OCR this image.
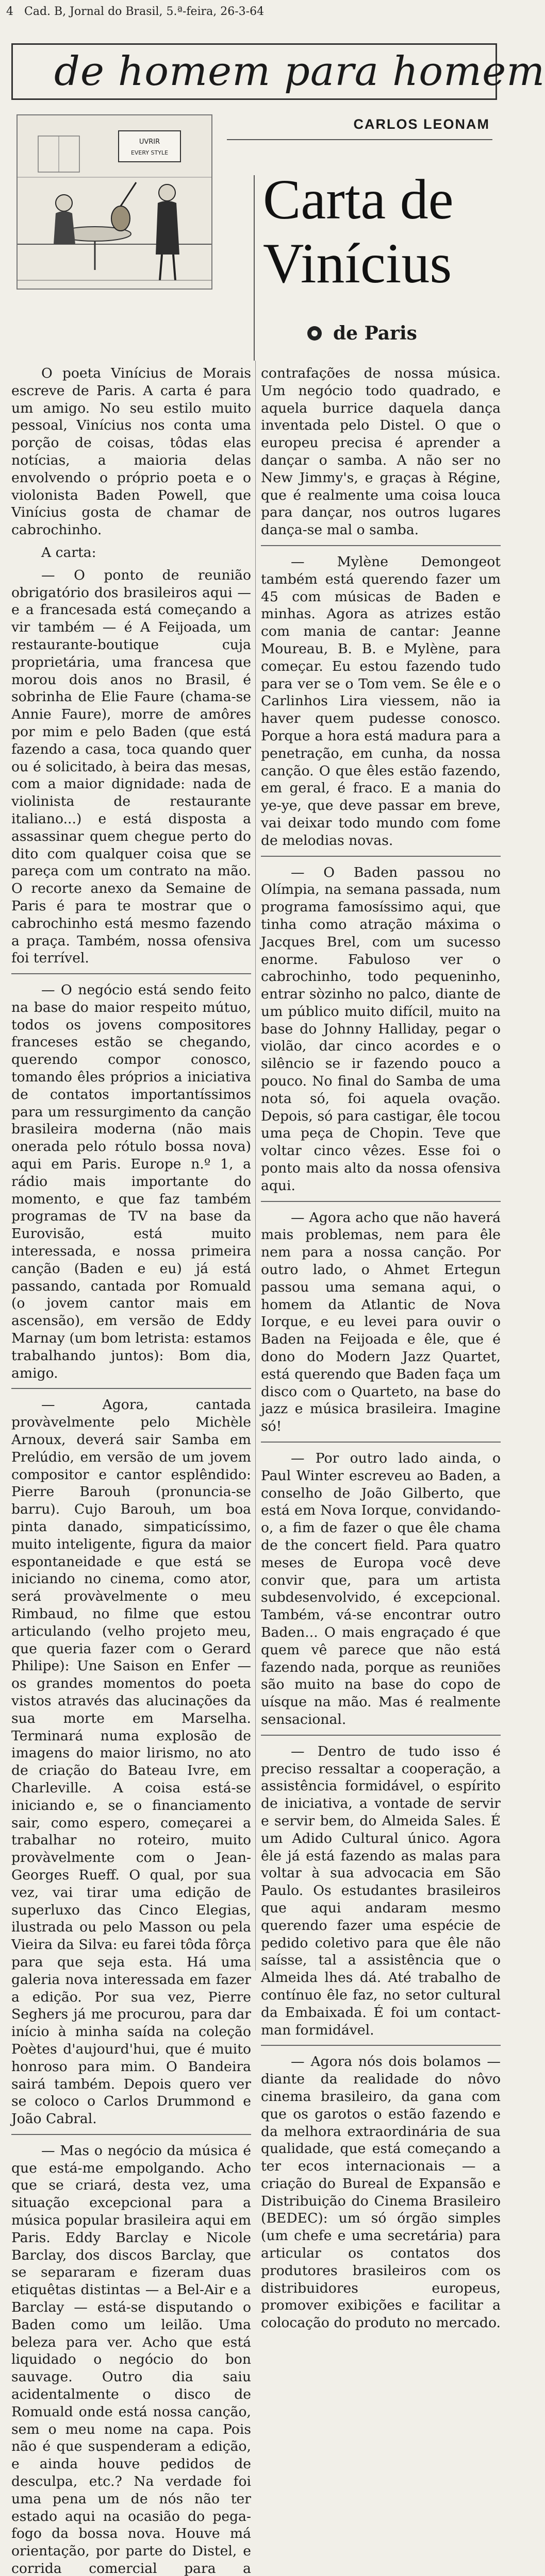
4 Cad. B, Jornal do Brasil, 5.ª-feira, 26-3-64
de homem para homem
UVRIR
EVERY STYLE
CARLOS LEONAM
Carta de
Vinícius
de Paris

O poeta Vinícius de Morais escreve de Paris. A carta é para um amigo. No seu estilo muito pessoal, Vinícius nos conta uma porção de coisas, tôdas elas notícias, a maioria delas envolvendo o próprio poeta e o violonista Baden Powell, que Vinícius gosta de chamar de cabrochinho.

A carta:

— O ponto de reunião obrigatório dos brasileiros aqui — e a francesada está começando a vir também — é A Feijoada, um restaurante-boutique cuja proprietária, uma francesa que morou dois anos no Brasil, é sobrinha de Elie Faure (chama-se Annie Faure), morre de amôres por mim e pelo Baden (que está fazendo a casa, toca quando quer ou é solicitado, à beira das mesas, com a maior dignidade: nada de violinista de restaurante italiano...) e está disposta a assassinar quem chegue perto do dito com qualquer coisa que se pareça com um contrato na mão. O recorte anexo da Semaine de Paris é para te mostrar que o cabrochinho está mesmo fazendo a praça. Também, nossa ofensiva foi terrível.

— O negócio está sendo feito na base do maior respeito mútuo, todos os jovens compositores franceses estão se chegando, querendo compor conosco, tomando êles próprios a iniciativa de contatos importantíssimos para um ressurgimento da canção brasileira moderna (não mais onerada pelo rótulo bossa nova) aqui em Paris. Europe n.º 1, a rádio mais importante do momento, e que faz também programas de TV na base da Eurovisão, está muito interessada, e nossa primeira canção (Baden e eu) já está passando, cantada por Romuald (o jovem cantor mais em ascensão), em versão de Eddy Marnay (um bom letrista: estamos trabalhando juntos): Bom dia, amigo.

— Agora, cantada provàvelmente pelo Michèle Arnoux, deverá sair Samba em Prelúdio, em versão de um jovem compositor e cantor esplêndido: Pierre Barouh (pronuncia-se barru). Cujo Barouh, um boa pinta danado, simpaticíssimo, muito inteligente, figura da maior espontaneidade e que está se iniciando no cinema, como ator, será provàvelmente o meu Rimbaud, no filme que estou articulando (velho projeto meu, que queria fazer com o Gerard Philipe): Une Saison en Enfer — os grandes momentos do poeta vistos através das alucinações da sua morte em Marselha. Terminará numa explosão de imagens do maior lirismo, no ato de criação do Bateau Ivre, em Charleville. A coisa está-se iniciando e, se o financiamento sair, como espero, começarei a trabalhar no roteiro, muito provàvelmente com o Jean-Georges Rueff. O qual, por sua vez, vai tirar uma edição de superluxo das Cinco Elegias, ilustrada ou pelo Masson ou pela Vieira da Silva: eu farei tôda fôrça para que seja esta. Há uma galeria nova interessada em fazer a edição. Por sua vez, Pierre Seghers já me procurou, para dar início à minha saída na coleção Poètes d'aujourd'hui, que é muito honroso para mim. O Bandeira sairá também. Depois quero ver se coloco o Carlos Drummond e João Cabral.

— Mas o negócio da música é que está-me empolgando. Acho que se criará, desta vez, uma situação excepcional para a música popular brasileira aqui em Paris. Eddy Barclay e Nicole Barclay, dos discos Barclay, que se separaram e fizeram duas etiquêtas distintas — a Bel-Air e a Barclay — está-se disputando o Baden como um leilão. Uma beleza para ver. Acho que está liquidado o negócio do bon sauvage. Outro dia saiu acidentalmente o disco de Romuald onde está nossa canção, sem o meu nome na capa. Pois não é que suspenderam a edição, e ainda houve pedidos de desculpa, etc.? Na verdade foi uma pena um de nós não ter estado aqui na ocasião do pega-fogo da bossa nova. Houve má orientação, por parte do Distel, e corrida comercial para a

contrafações de nossa música. Um negócio todo quadrado, e aquela burrice daquela dança inventada pelo Distel. O que o europeu precisa é aprender a dançar o samba. A não ser no New Jimmy's, e graças à Régine, que é realmente uma coisa louca para dançar, nos outros lugares dança-se mal o samba.

— Mylène Demongeot também está querendo fazer um 45 com músicas de Baden e minhas. Agora as atrizes estão com mania de cantar: Jeanne Moureau, B. B. e Mylène, para começar. Eu estou fazendo tudo para ver se o Tom vem. Se êle e o Carlinhos Lira viessem, não ia haver quem pudesse conosco. Porque a hora está madura para a penetração, em cunha, da nossa canção. O que êles estão fazendo, em geral, é fraco. E a mania do ye-ye, que deve passar em breve, vai deixar todo mundo com fome de melodias novas.

— O Baden passou no Olímpia, na semana passada, num programa famosíssimo aqui, que tinha como atração máxima o Jacques Brel, com um sucesso enorme. Fabuloso ver o cabrochinho, todo pequeninho, entrar sòzinho no palco, diante de um público muito difícil, muito na base do Johnny Halliday, pegar o violão, dar cinco acordes e o silêncio se ir fazendo pouco a pouco. No final do Samba de uma nota só, foi aquela ovação. Depois, só para castigar, êle tocou uma peça de Chopin. Teve que voltar cinco vêzes. Esse foi o ponto mais alto da nossa ofensiva aqui.

— Agora acho que não haverá mais problemas, nem para êle nem para a nossa canção. Por outro lado, o Ahmet Ertegun passou uma semana aqui, o homem da Atlantic de Nova Iorque, e eu levei para ouvir o Baden na Feijoada e êle, que é dono do Modern Jazz Quartet, está querendo que Baden faça um disco com o Quarteto, na base do jazz e música brasileira. Imagine só!

— Por outro lado ainda, o Paul Winter escreveu ao Baden, a conselho de João Gilberto, que está em Nova Iorque, convidando-o, a fim de fazer o que êle chama de the concert field. Para quatro meses de Europa você deve convir que, para um artista subdesenvolvido, é excepcional. Também, vá-se encontrar outro Baden... O mais engraçado é que quem vê parece que não está fazendo nada, porque as reuniões são muito na base do copo de uísque na mão. Mas é realmente sensacional.

— Dentro de tudo isso é preciso ressaltar a cooperação, a assistência formidável, o espírito de iniciativa, a vontade de servir e servir bem, do Almeida Sales. É um Adido Cultural único. Agora êle já está fazendo as malas para voltar à sua advocacia em São Paulo. Os estudantes brasileiros que aqui andaram mesmo querendo fazer uma espécie de pedido coletivo para que êle não saísse, tal a assistência que o Almeida lhes dá. Até trabalho de contínuo êle faz, no setor cultural da Embaixada. É foi um contact-man formidável.

— Agora nós dois bolamos — diante da realidade do nôvo cinema brasileiro, da gana com que os garotos o estão fazendo e da melhora extraordinária de sua qualidade, que está começando a ter ecos internacionais — a criação do Bureal de Expansão e Distribuição do Cinema Brasileiro (BEDEC): um só órgão simples (um chefe e uma secretária) para articular os contatos dos produtores brasileiros com os distribuidores europeus, promover exibições e facilitar a colocação do produto no mercado.
